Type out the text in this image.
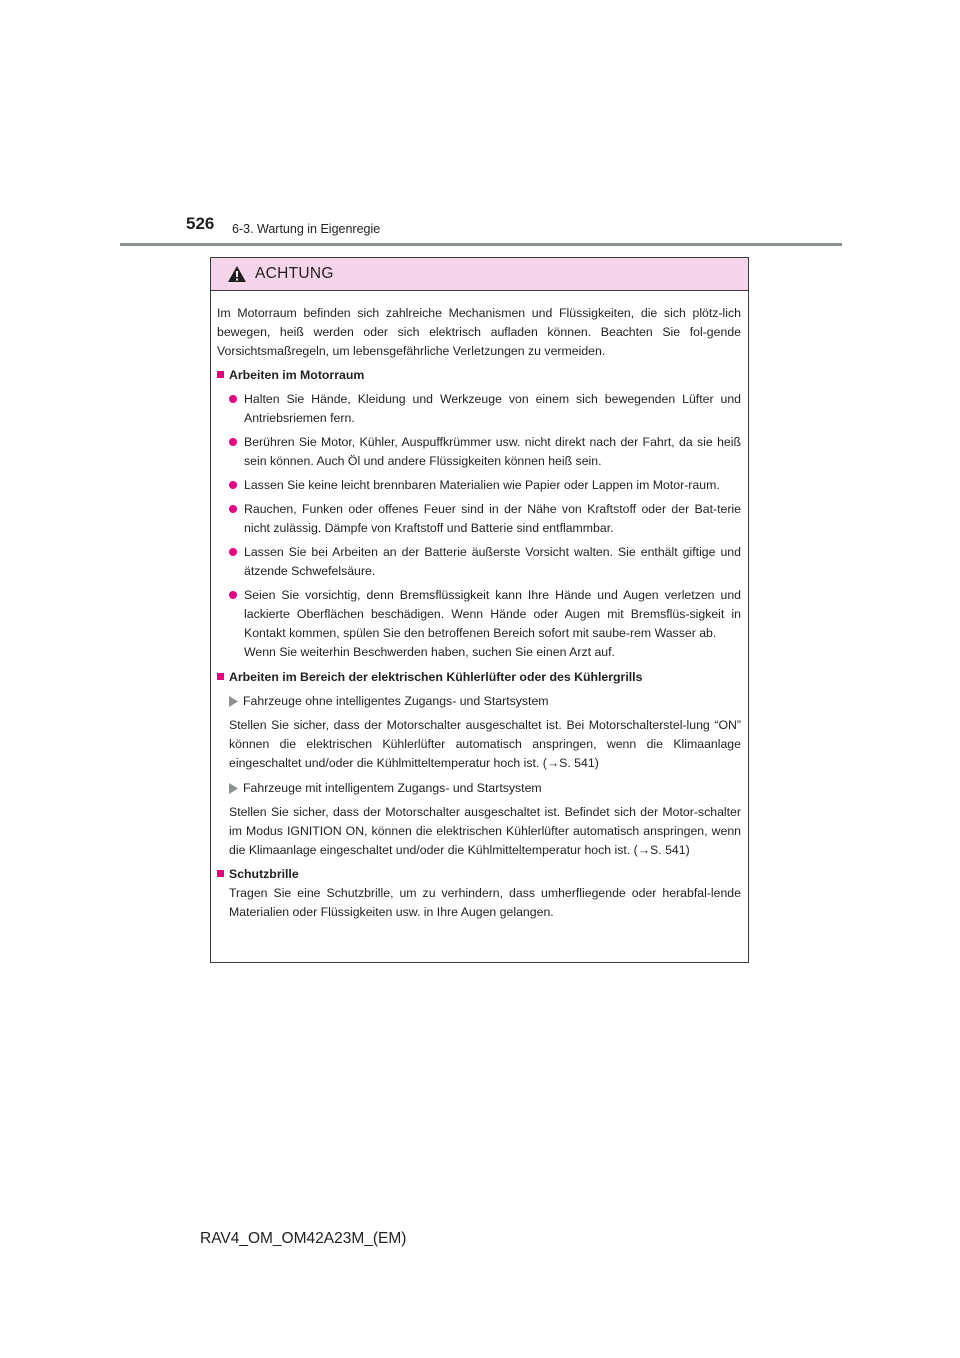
526 6-3. Wartung in Eigenregie
ACHTUNG

Im Motorraum befinden sich zahlreiche Mechanismen und Flüssigkeiten, die sich plötz-lich bewegen, heiß werden oder sich elektrisch aufladen können. Beachten Sie fol-gende Vorsichtsmaßregeln, um lebensgefährliche Verletzungen zu vermeiden.

Arbeiten im Motorraum
Halten Sie Hände, Kleidung und Werkzeuge von einem sich bewegenden Lüfter und Antriebsriemen fern.
Berühren Sie Motor, Kühler, Auspuffkrümmer usw. nicht direkt nach der Fahrt, da sie heiß sein können. Auch Öl und andere Flüssigkeiten können heiß sein.
Lassen Sie keine leicht brennbaren Materialien wie Papier oder Lappen im Motor-raum.
Rauchen, Funken oder offenes Feuer sind in der Nähe von Kraftstoff oder der Bat-terie nicht zulässig. Dämpfe von Kraftstoff und Batterie sind entflammbar.
Lassen Sie bei Arbeiten an der Batterie äußerste Vorsicht walten. Sie enthält giftige und ätzende Schwefelsäure.
Seien Sie vorsichtig, denn Bremsflüssigkeit kann Ihre Hände und Augen verletzen und lackierte Oberflächen beschädigen. Wenn Hände oder Augen mit Bremsflüs-sigkeit in Kontakt kommen, spülen Sie den betroffenen Bereich sofort mit saube-rem Wasser ab.
Wenn Sie weiterhin Beschwerden haben, suchen Sie einen Arzt auf.
Arbeiten im Bereich der elektrischen Kühlerlüfter oder des Kühlergrills
Fahrzeuge ohne intelligentes Zugangs- und Startsystem

Stellen Sie sicher, dass der Motorschalter ausgeschaltet ist. Bei Motorschalterstel-lung “ON” können die elektrischen Kühlerlüfter automatisch anspringen, wenn die Klimaanlage eingeschaltet und/oder die Kühlmitteltemperatur hoch ist. (→S. 541)

Fahrzeuge mit intelligentem Zugangs- und Startsystem

Stellen Sie sicher, dass der Motorschalter ausgeschaltet ist. Befindet sich der Motor-schalter im Modus IGNITION ON, können die elektrischen Kühlerlüfter automatisch anspringen, wenn die Klimaanlage eingeschaltet und/oder die Kühlmitteltemperatur hoch ist. (→S. 541)

Schutzbrille

Tragen Sie eine Schutzbrille, um zu verhindern, dass umherfliegende oder herabfal-lende Materialien oder Flüssigkeiten usw. in Ihre Augen gelangen.

RAV4_OM_OM42A23M_(EM)
